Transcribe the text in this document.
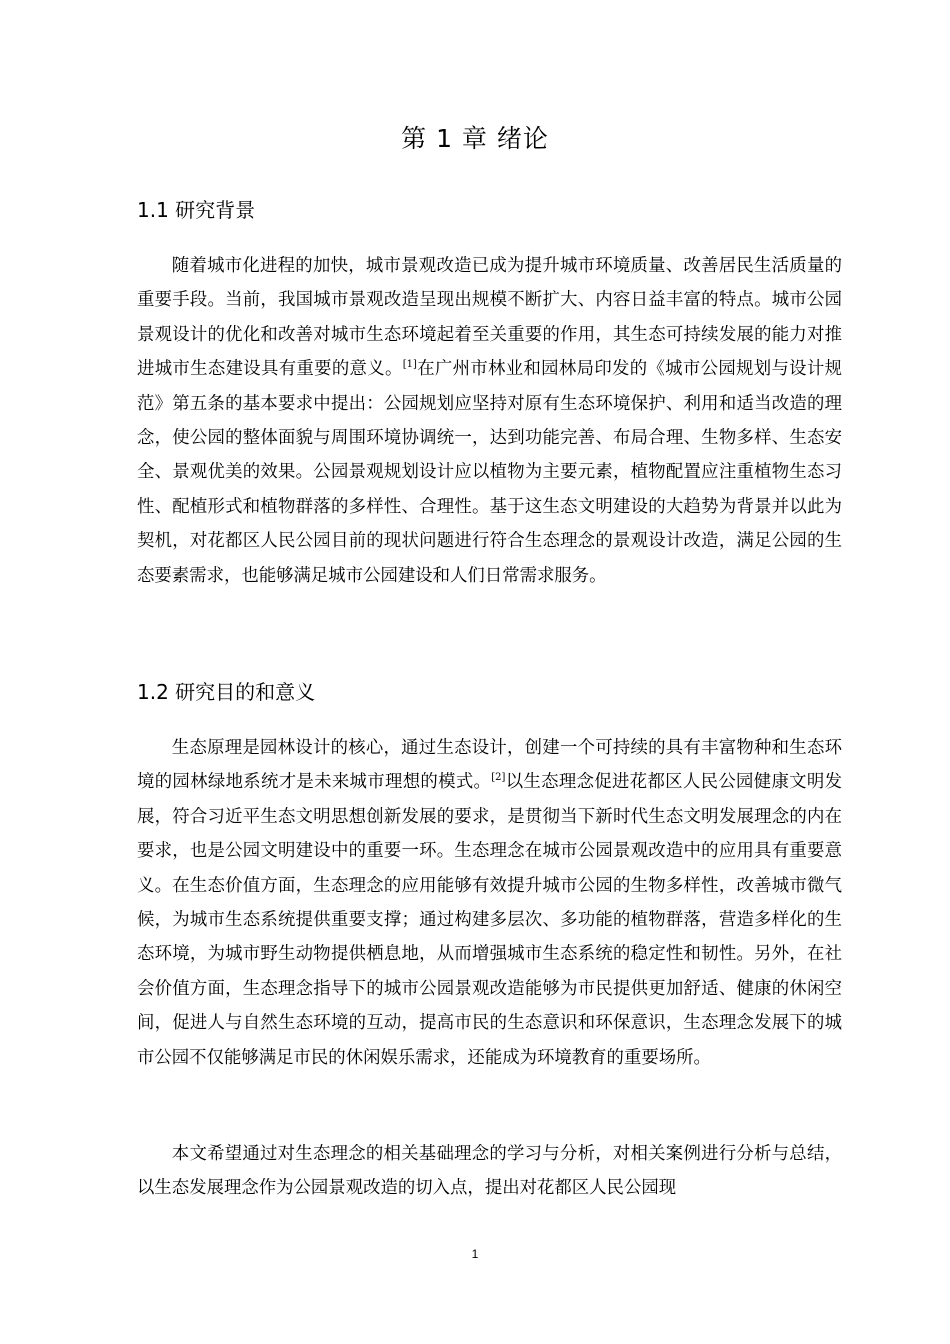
第 1 章 绪论
1.1 研究背景

随着城市化进程的加快，城市景观改造已成为提升城市环境质量、改善居民生活质量的重要手段。当前，我国城市景观改造呈现出规模不断扩大、内容日益丰富的特点。城市公园景观设计的优化和改善对城市生态环境起着至关重要的作用，其生态可持续发展的能力对推进城市生态建设具有重要的意义。[1]在广州市林业和园林局印发的《城市公园规划与设计规范》第五条的基本要求中提出：公园规划应坚持对原有生态环境保护、利用和适当改造的理念，使公园的整体面貌与周围环境协调统一，达到功能完善、布局合理、生物多样、生态安全、景观优美的效果。公园景观规划设计应以植物为主要元素，植物配置应注重植物生态习性、配植形式和植物群落的多样性、合理性。基于这生态文明建设的大趋势为背景并以此为契机，对花都区人民公园目前的现状问题进行符合生态理念的景观设计改造，满足公园的生态要素需求，也能够满足城市公园建设和人们日常需求服务。

1.2 研究目的和意义

生态原理是园林设计的核心，通过生态设计，创建一个可持续的具有丰富物种和生态环境的园林绿地系统才是未来城市理想的模式。[2]以生态理念促进花都区人民公园健康文明发展，符合习近平生态文明思想创新发展的要求，是贯彻当下新时代生态文明发展理念的内在要求，也是公园文明建设中的重要一环。生态理念在城市公园景观改造中的应用具有重要意义。在生态价值方面，生态理念的应用能够有效提升城市公园的生物多样性，改善城市微气候，为城市生态系统提供重要支撑；通过构建多层次、多功能的植物群落，营造多样化的生态环境，为城市野生动物提供栖息地，从而增强城市生态系统的稳定性和韧性。另外，在社会价值方面，生态理念指导下的城市公园景观改造能够为市民提供更加舒适、健康的休闲空间，促进人与自然生态环境的互动，提高市民的生态意识和环保意识，生态理念发展下的城市公园不仅能够满足市民的休闲娱乐需求，还能成为环境教育的重要场所。

本文希望通过对生态理念的相关基础理念的学习与分析，对相关案例进行分析与总结，以生态发展理念作为公园景观改造的切入点，提出对花都区人民公园现

1
